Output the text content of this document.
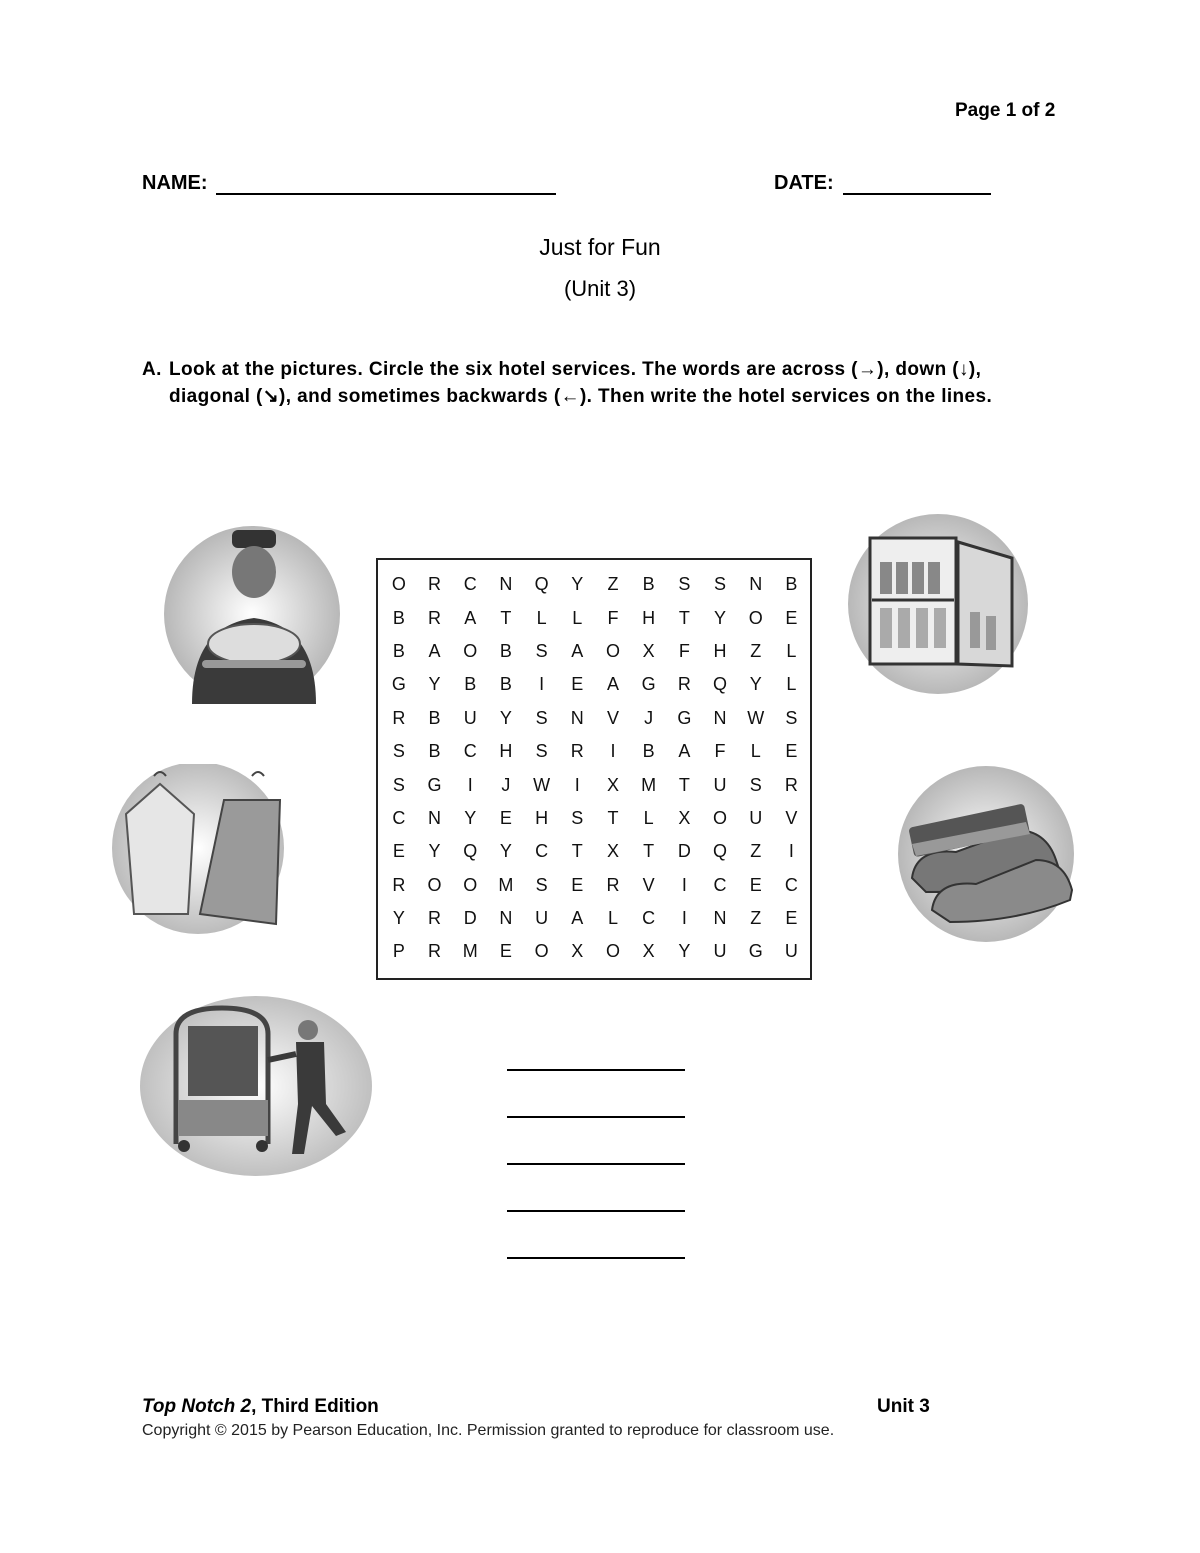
Page 1 of 2
NAME:	DATE:
Just for Fun
(Unit 3)
A. Look at the pictures. Circle the six hotel services. The words are across (→), down (↓), diagonal (↘), and sometimes backwards (←). Then write the hotel services on the lines.
O	R	C	N	Q	Y	Z	B	S	S	N	B
B	R	A	T	L	L	F	H	T	Y	O	E
B	A	O	B	S	A	O	X	F	H	Z	L
G	Y	B	B	I	E	A	G	R	Q	Y	L
R	B	U	Y	S	N	V	J	G	N	W	S
S	B	C	H	S	R	I	B	A	F	L	E
S	G	I	J	W	I	X	M	T	U	S	R
C	N	Y	E	H	S	T	L	X	O	U	V
E	Y	Q	Y	C	T	X	T	D	Q	Z	I
R	O	O	M	S	E	R	V	I	C	E	C
Y	R	D	N	U	A	L	C	I	N	Z	E
P	R	M	E	O	X	O	X	Y	U	G	U
Top Notch 2, Third Edition	Unit 3
Copyright © 2015 by Pearson Education, Inc. Permission granted to reproduce for classroom use.
